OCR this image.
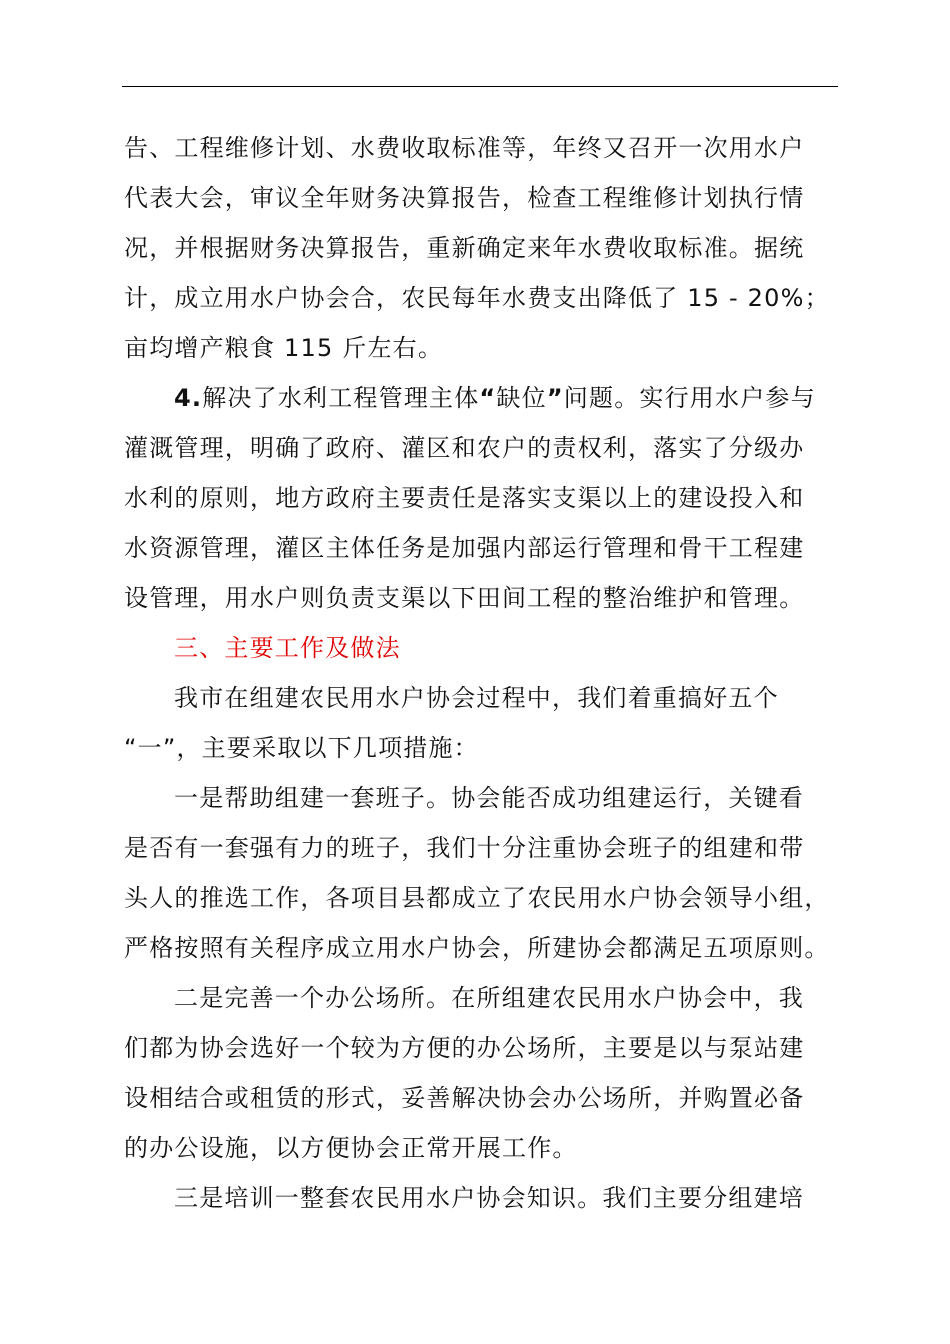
告、工程维修计划、水费收取标准等，年终又召开一次用水户
代表大会，审议全年财务决算报告，检查工程维修计划执行情
况，并根据财务决算报告，重新确定来年水费收取标准。据统
计，成立用水户协会合，农民每年水费支出降低了 15 - 20%；
亩均增产粮食 115 斤左右。
4.解决了水利工程管理主体“缺位”问题。实行用水户参与
灌溉管理，明确了政府、灌区和农户的责权利，落实了分级办
水利的原则，地方政府主要责任是落实支渠以上的建设投入和
水资源管理，灌区主体任务是加强内部运行管理和骨干工程建
设管理，用水户则负责支渠以下田间工程的整治维护和管理。
三、主要工作及做法
我市在组建农民用水户协会过程中，我们着重搞好五个
“一”，主要采取以下几项措施：
一是帮助组建一套班子。协会能否成功组建运行，关键看
是否有一套强有力的班子，我们十分注重协会班子的组建和带
头人的推选工作，各项目县都成立了农民用水户协会领导小组，
严格按照有关程序成立用水户协会，所建协会都满足五项原则。
二是完善一个办公场所。在所组建农民用水户协会中，我
们都为协会选好一个较为方便的办公场所，主要是以与泵站建
设相结合或租赁的形式，妥善解决协会办公场所，并购置必备
的办公设施，以方便协会正常开展工作。
三是培训一整套农民用水户协会知识。我们主要分组建培
